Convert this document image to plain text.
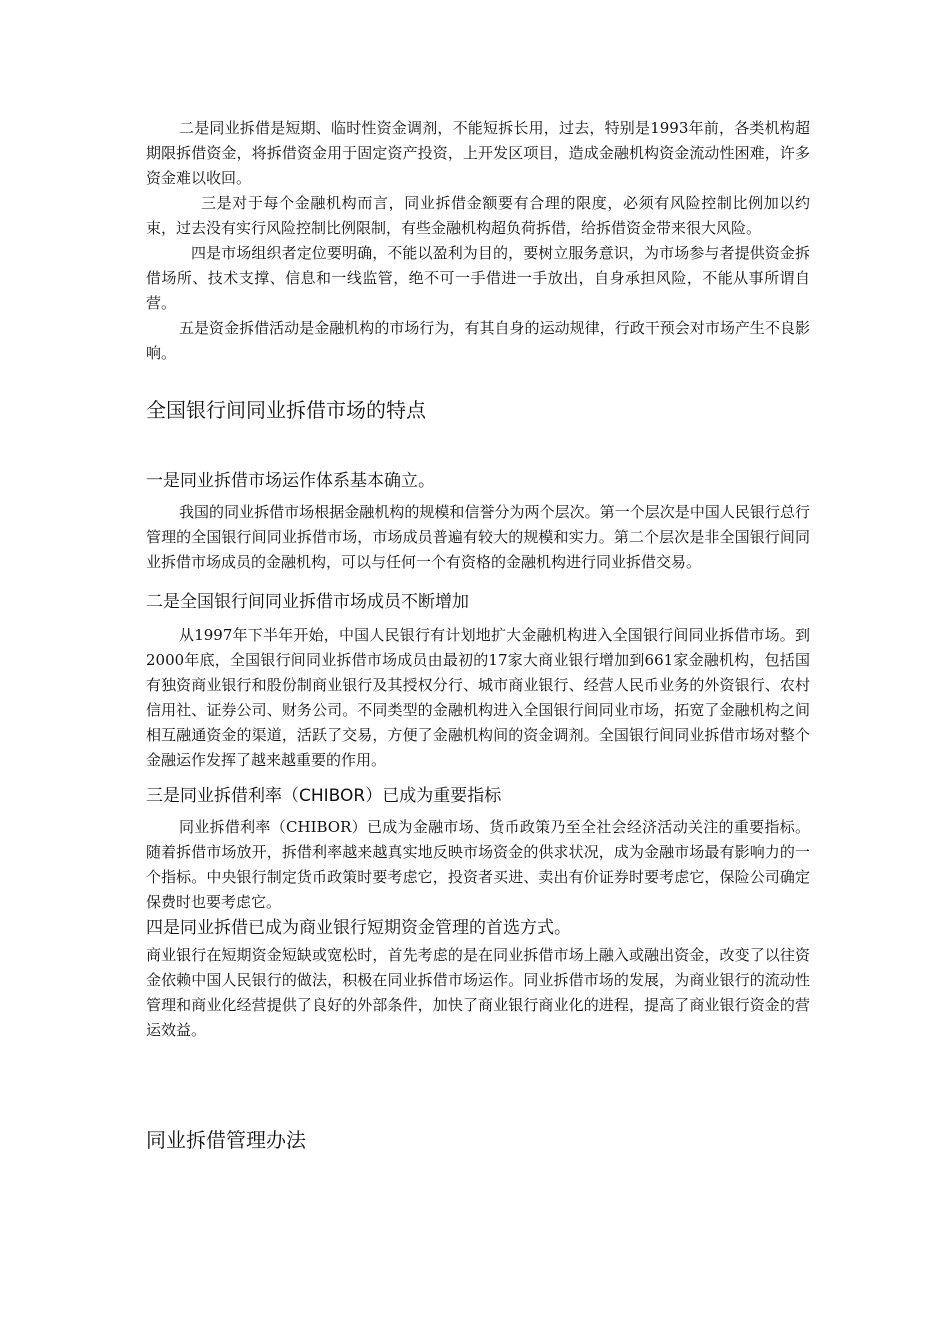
二是同业拆借是短期、临时性资金调剂，不能短拆长用，过去，特别是1993年前，各类机构超期限拆借资金，将拆借资金用于固定资产投资，上开发区项目，造成金融机构资金流动性困难，许多资金难以收回。

三是对于每个金融机构而言，同业拆借金额要有合理的限度，必须有风险控制比例加以约束，过去没有实行风险控制比例限制，有些金融机构超负荷拆借，给拆借资金带来很大风险。

四是市场组织者定位要明确，不能以盈利为目的，要树立服务意识，为市场参与者提供资金拆借场所、技术支撑、信息和一线监管，绝不可一手借进一手放出，自身承担风险，不能从事所谓自营。

五是资金拆借活动是金融机构的市场行为，有其自身的运动规律，行政干预会对市场产生不良影响。

全国银行间同业拆借市场的特点
一是同业拆借市场运作体系基本确立。

我国的同业拆借市场根据金融机构的规模和信誉分为两个层次。第一个层次是中国人民银行总行管理的全国银行间同业拆借市场，市场成员普遍有较大的规模和实力。第二个层次是非全国银行间同业拆借市场成员的金融机构，可以与任何一个有资格的金融机构进行同业拆借交易。

二是全国银行间同业拆借市场成员不断增加

从1997年下半年开始，中国人民银行有计划地扩大金融机构进入全国银行间同业拆借市场。到2000年底，全国银行间同业拆借市场成员由最初的17家大商业银行增加到661家金融机构，包括国有独资商业银行和股份制商业银行及其授权分行、城市商业银行、经营人民币业务的外资银行、农村信用社、证券公司、财务公司。不同类型的金融机构进入全国银行间同业市场，拓宽了金融机构之间相互融通资金的渠道，活跃了交易，方便了金融机构间的资金调剂。全国银行间同业拆借市场对整个金融运作发挥了越来越重要的作用。

三是同业拆借利率（CHIBOR）已成为重要指标

同业拆借利率（CHIBOR）已成为金融市场、货币政策乃至全社会经济活动关注的重要指标。随着拆借市场放开，拆借利率越来越真实地反映市场资金的供求状况，成为金融市场最有影响力的一个指标。中央银行制定货币政策时要考虑它，投资者买进、卖出有价证券时要考虑它，保险公司确定保费时也要考虑它。

四是同业拆借已成为商业银行短期资金管理的首选方式。

商业银行在短期资金短缺或宽松时，首先考虑的是在同业拆借市场上融入或融出资金，改变了以往资金依赖中国人民银行的做法，积极在同业拆借市场运作。同业拆借市场的发展，为商业银行的流动性管理和商业化经营提供了良好的外部条件，加快了商业银行商业化的进程，提高了商业银行资金的营运效益。

同业拆借管理办法
